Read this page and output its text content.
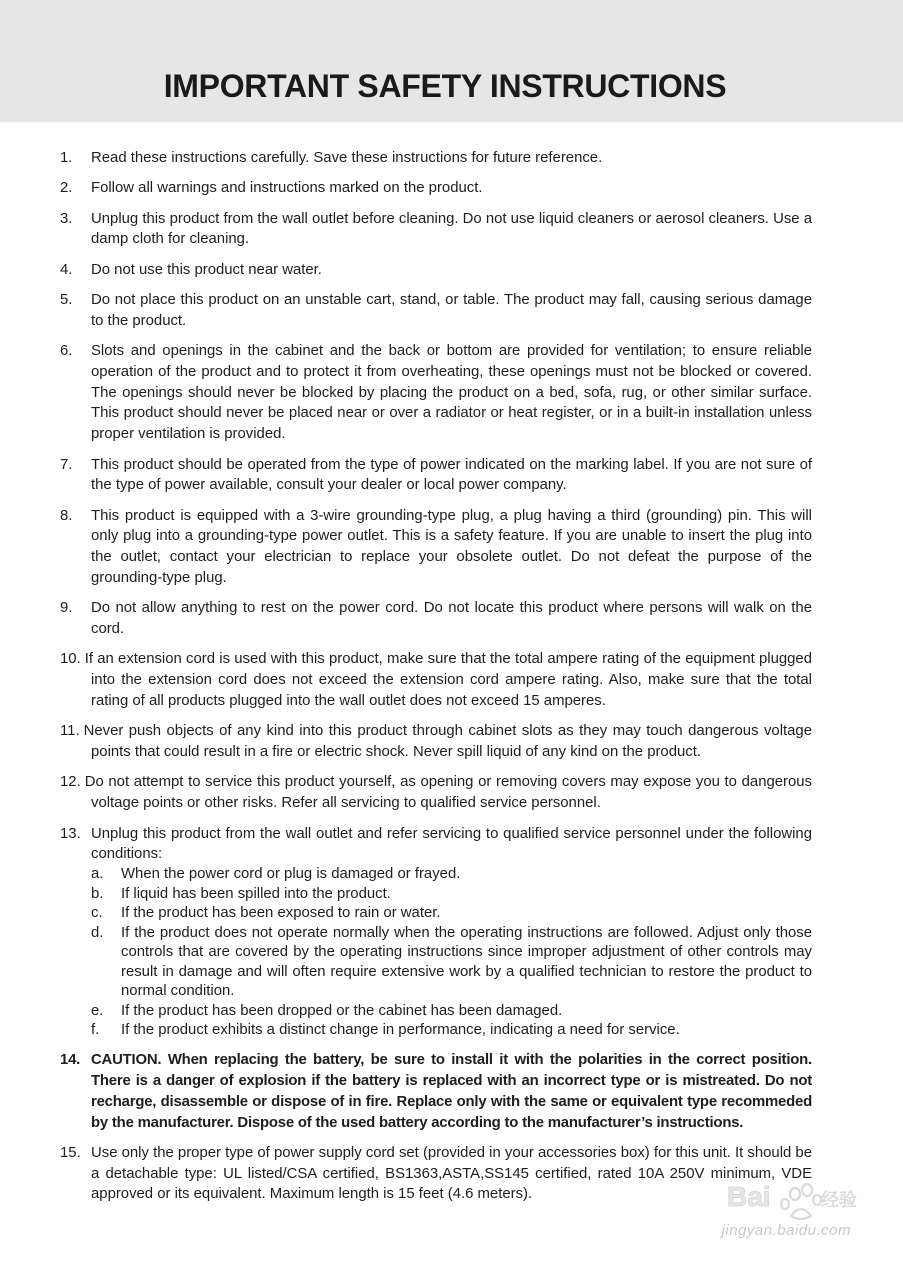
IMPORTANT SAFETY INSTRUCTIONS
1. Read these instructions carefully. Save these instructions for future reference.
2. Follow all warnings and instructions marked on the product.
3. Unplug this product from the wall outlet before cleaning. Do not use liquid cleaners or aerosol cleaners. Use a damp cloth for cleaning.
4. Do not use this product near water.
5. Do not place this product on an unstable cart, stand, or table. The product may fall, causing serious damage to the product.
6. Slots and openings in the cabinet and the back or bottom are provided for ventilation; to ensure reliable operation of the product and to protect it from overheating, these openings must not be blocked or covered. The openings should never be blocked by placing the product on a bed, sofa, rug, or other similar surface. This product should never be placed near or over a radiator or heat register, or in a built-in installation unless proper ventilation is provided.
7. This product should be operated from the type of power indicated on the marking label. If you are not sure of the type of power available, consult your dealer or local power company.
8. This product is equipped with a 3-wire grounding-type plug, a plug having a third (grounding) pin. This will only plug into a grounding-type power outlet. This is a safety feature. If you are unable to insert the plug into the outlet, contact your electrician to replace your obsolete outlet. Do not defeat the purpose of the grounding-type plug.
9. Do not allow anything to rest on the power cord. Do not locate this product where persons will walk on the cord.
10. If an extension cord is used with this product, make sure that the total ampere rating of the equipment plugged into the extension cord does not exceed the extension cord ampere rating. Also, make sure that the total rating of all products plugged into the wall outlet does not exceed 15 amperes.
11. Never push objects of any kind into this product through cabinet slots as they may touch dangerous voltage points that could result in a fire or electric shock. Never spill liquid of any kind on the product.
12. Do not attempt to service this product yourself, as opening or removing covers may expose you to dangerous voltage points or other risks. Refer all servicing to qualified service personnel.
13. Unplug this product from the wall outlet and refer servicing to qualified service personnel under the following conditions:
a. When the power cord or plug is damaged or frayed.
b. If liquid has been spilled into the product.
c. If the product has been exposed to rain or water.
d. If the product does not operate normally when the operating instructions are followed. Adjust only those controls that are covered by the operating instructions since improper adjustment of other controls may result in damage and will often require extensive work by a qualified technician to restore the product to normal condition.
e. If the product has been dropped or the cabinet has been damaged.
f. If the product exhibits a distinct change in performance, indicating a need for service.
14. CAUTION. When replacing the battery, be sure to install it with the polarities in the correct position. There is a danger of explosion if the battery is replaced with an incorrect type or is mistreated. Do not recharge, disassemble or dispose of in fire. Replace only with the same or equivalent type recommeded by the manufacturer. Dispose of the used battery according to the manufacturer’s instructions.
15. Use only the proper type of power supply cord set (provided in your accessories box) for this unit. It should be a detachable type: UL listed/CSA certified, BS1363,ASTA,SS145 certified, rated 10A 250V minimum, VDE approved or its equivalent. Maximum length is 15 feet (4.6 meters).	Bai	经验
jingyan.baidu.com
